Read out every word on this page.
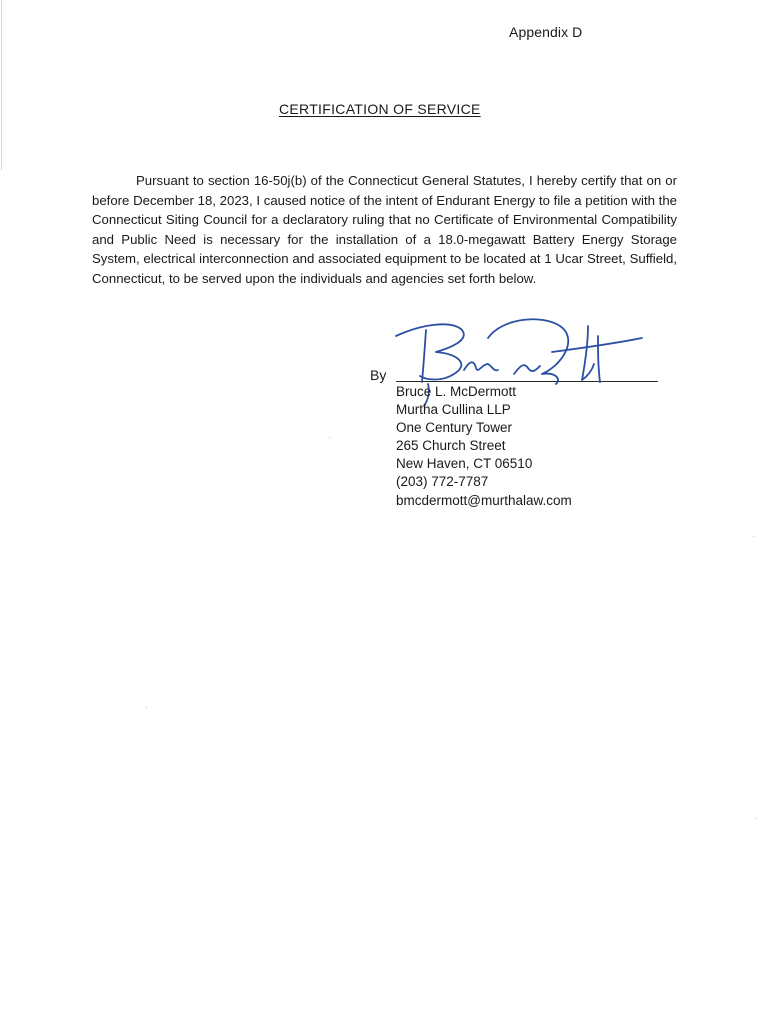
Appendix D
CERTIFICATION OF SERVICE

Pursuant to section 16-50j(b) of the Connecticut General Statutes, I hereby certify that on or before December 18, 2023, I caused notice of the intent of Endurant Energy to file a petition with the Connecticut Siting Council for a declaratory ruling that no Certificate of Environmental Compatibility and Public Need is necessary for the installation of a 18.0-megawatt Battery Energy Storage System, electrical interconnection and associated equipment to be located at 1 Ucar Street, Suffield, Connecticut, to be served upon the individuals and agencies set forth below.

By
Bruce L. McDermott
Murtha Cullina LLP
One Century Tower
265 Church Street
New Haven, CT 06510
(203) 772-7787
bmcdermott@murthalaw.com
